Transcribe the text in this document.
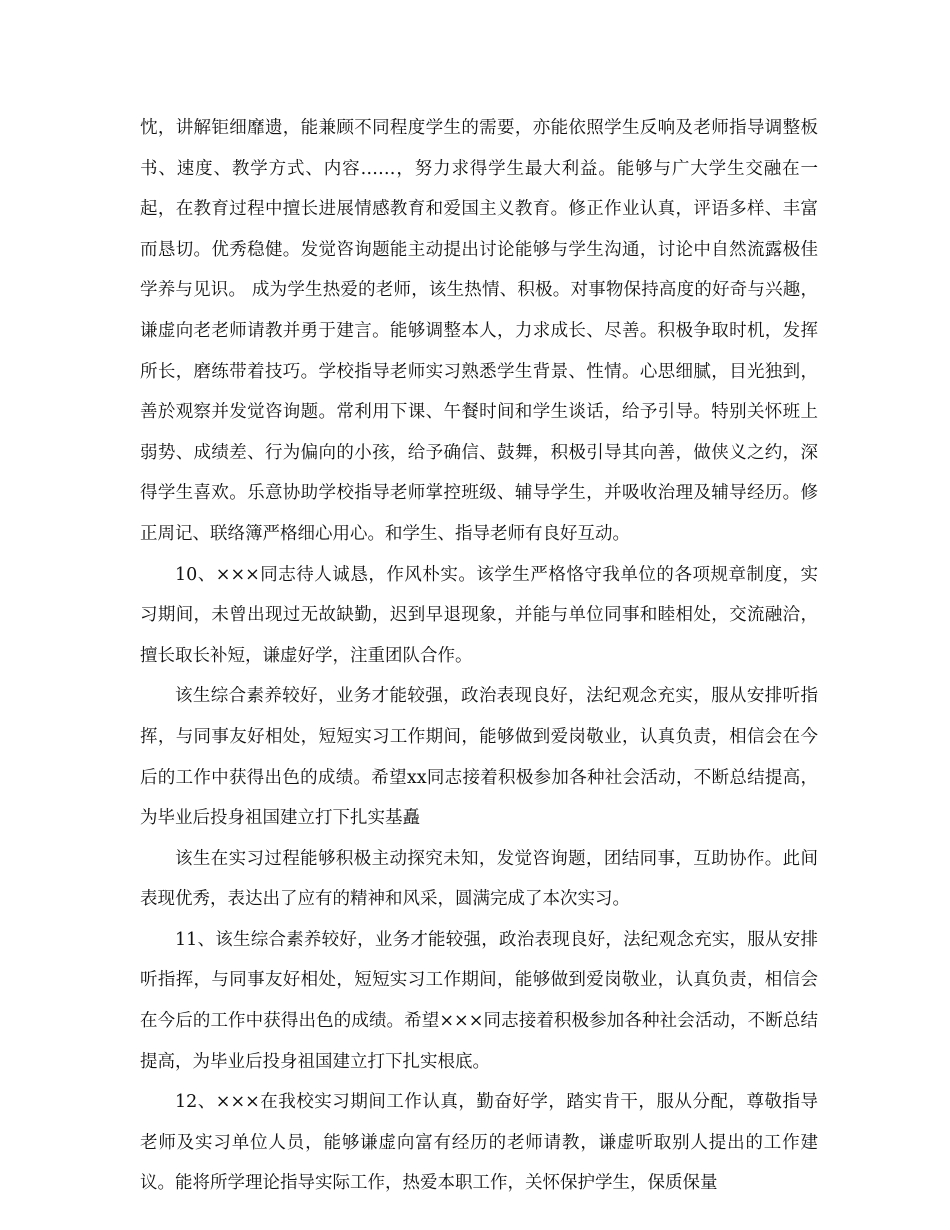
忱，讲解钜细靡遗，能兼顾不同程度学生的需要，亦能依照学生反响及老师指导调整板书、速度、教学方式、内容……，努力求得学生最大利益。能够与广大学生交融在一起，在教育过程中擅长进展情感教育和爱国主义教育。修正作业认真，评语多样、丰富而恳切。优秀稳健。发觉咨询题能主动提出讨论能够与学生沟通，讨论中自然流露极佳学养与见识。 成为学生热爱的老师，该生热情、积极。对事物保持高度的好奇与兴趣，谦虚向老老师请教并勇于建言。能够调整本人，力求成长、尽善。积极争取时机，发挥所长，磨练带着技巧。学校指导老师实习熟悉学生背景、性情。心思细腻，目光独到，善於观察并发觉咨询题。常利用下课、午餐时间和学生谈话，给予引导。特别关怀班上弱势、成绩差、行为偏向的小孩，给予确信、鼓舞，积极引导其向善，做侠义之约，深得学生喜欢。乐意协助学校指导老师掌控班级、辅导学生，并吸收治理及辅导经历。修正周记、联络簿严格细心用心。和学生、指导老师有良好互动。

10、×××同志待人诚恳，作风朴实。该学生严格恪守我单位的各项规章制度，实习期间，未曾出现过无故缺勤，迟到早退现象，并能与单位同事和睦相处，交流融洽，擅长取长补短，谦虚好学，注重团队合作。

该生综合素养较好，业务才能较强，政治表现良好，法纪观念充实，服从安排听指挥，与同事友好相处，短短实习工作期间，能够做到爱岗敬业，认真负责，相信会在今后的工作中获得出色的成绩。希望xx同志接着积极参加各种社会活动，不断总结提高，为毕业后投身祖国建立打下扎实基矗

该生在实习过程能够积极主动探究未知，发觉咨询题，团结同事，互助协作。此间表现优秀，表达出了应有的精神和风采，圆满完成了本次实习。

11、该生综合素养较好，业务才能较强，政治表现良好，法纪观念充实，服从安排听指挥，与同事友好相处，短短实习工作期间，能够做到爱岗敬业，认真负责，相信会在今后的工作中获得出色的成绩。希望×××同志接着积极参加各种社会活动，不断总结提高，为毕业后投身祖国建立打下扎实根底。

12、×××在我校实习期间工作认真，勤奋好学，踏实肯干，服从分配，尊敬指导老师及实习单位人员，能够谦虚向富有经历的老师请教，谦虚听取别人提出的工作建议。能将所学理论指导实际工作，热爱本职工作，关怀保护学生，保质保量
